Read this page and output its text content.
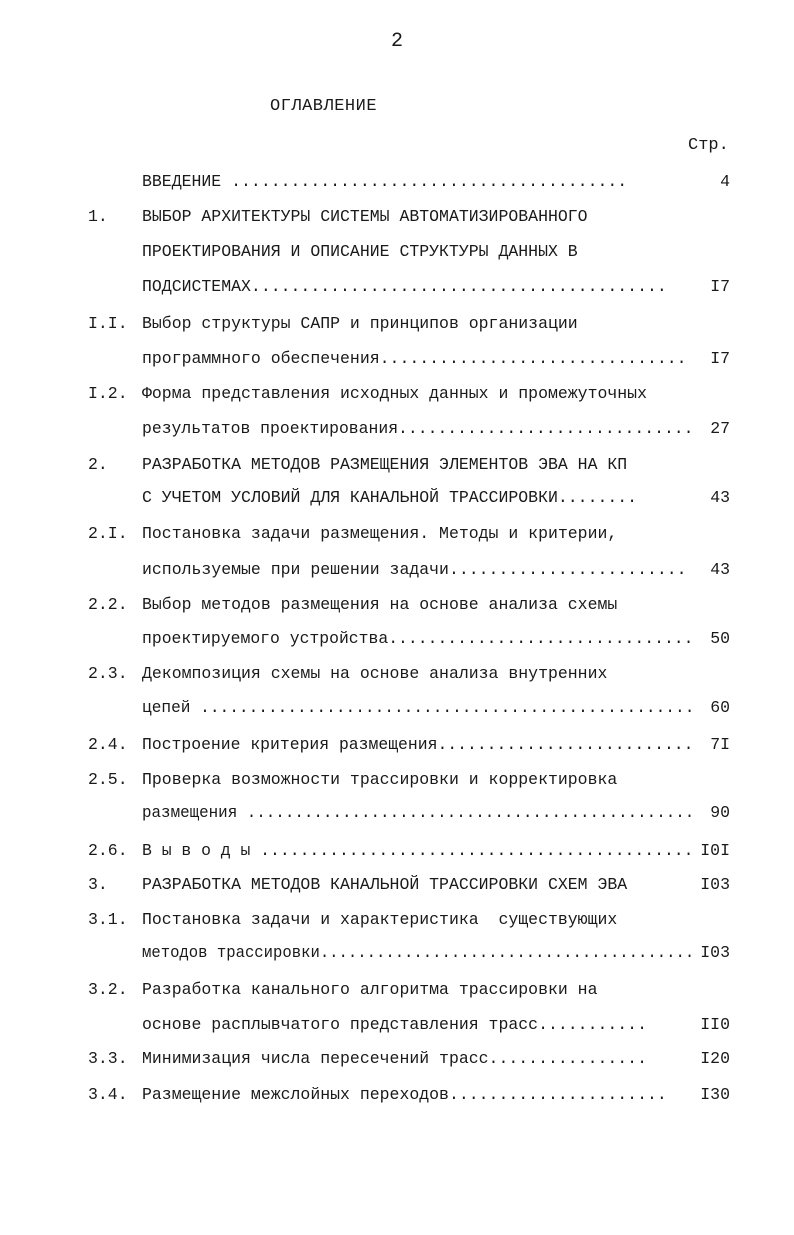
2
ОГЛАВЛЕНИЕ
Стр.
ВВЕДЕНИЕ ........................................	4
1. ВЫБОР АРХИТЕКТУРЫ СИСТЕМЫ АВТОМАТИЗИРОВАННОГО
ПРОЕКТИРОВАНИЯ И ОПИСАНИЕ СТРУКТУРЫ ДАННЫХ В
ПОДСИСТЕМАХ..........................................	I7
I.I. Выбор структуры САПР и принципов организации
программного обеспечения............................... I7
I.2. Форма представления исходных данных и промежуточных
результатов проектирования.............................. 27
2. РАЗРАБОТКА МЕТОДОВ РАЗМЕЩЕНИЯ ЭЛЕМЕНТОВ ЭВА НА КП
С УЧЕТОМ УСЛОВИЙ ДЛЯ КАНАЛЬНОЙ ТРАССИРОВКИ........	43
2.I. Постановка задачи размещения. Методы и критерии,
используемые при решении задачи........................ 43
2.2. Выбор методов размещения на основе анализа схемы
проектируемого устройства............................... 50
2.3. Декомпозиция схемы на основе анализа внутренних
цепей ................................................... 60
2.4. Построение критерия размещения.......................... 7I
2.5. Проверка возможности трассировки и корректировка
размещения ............................................... 90
2.6. В ы в о д ы ............................................ I0I
3. РАЗРАБОТКА МЕТОДОВ КАНАЛЬНОЙ ТРАССИРОВКИ СХЕМ ЭВА	I03
3.1. Постановка задачи и характеристика  существующих
методов трассировки........................................ I03
3.2. Разработка канального алгоритма трассировки на
основе расплывчатого представления трасс...........	II0
3.3. Минимизация числа пересечений трасс................	I20
3.4. Размещение межслойных переходов...................... I30
